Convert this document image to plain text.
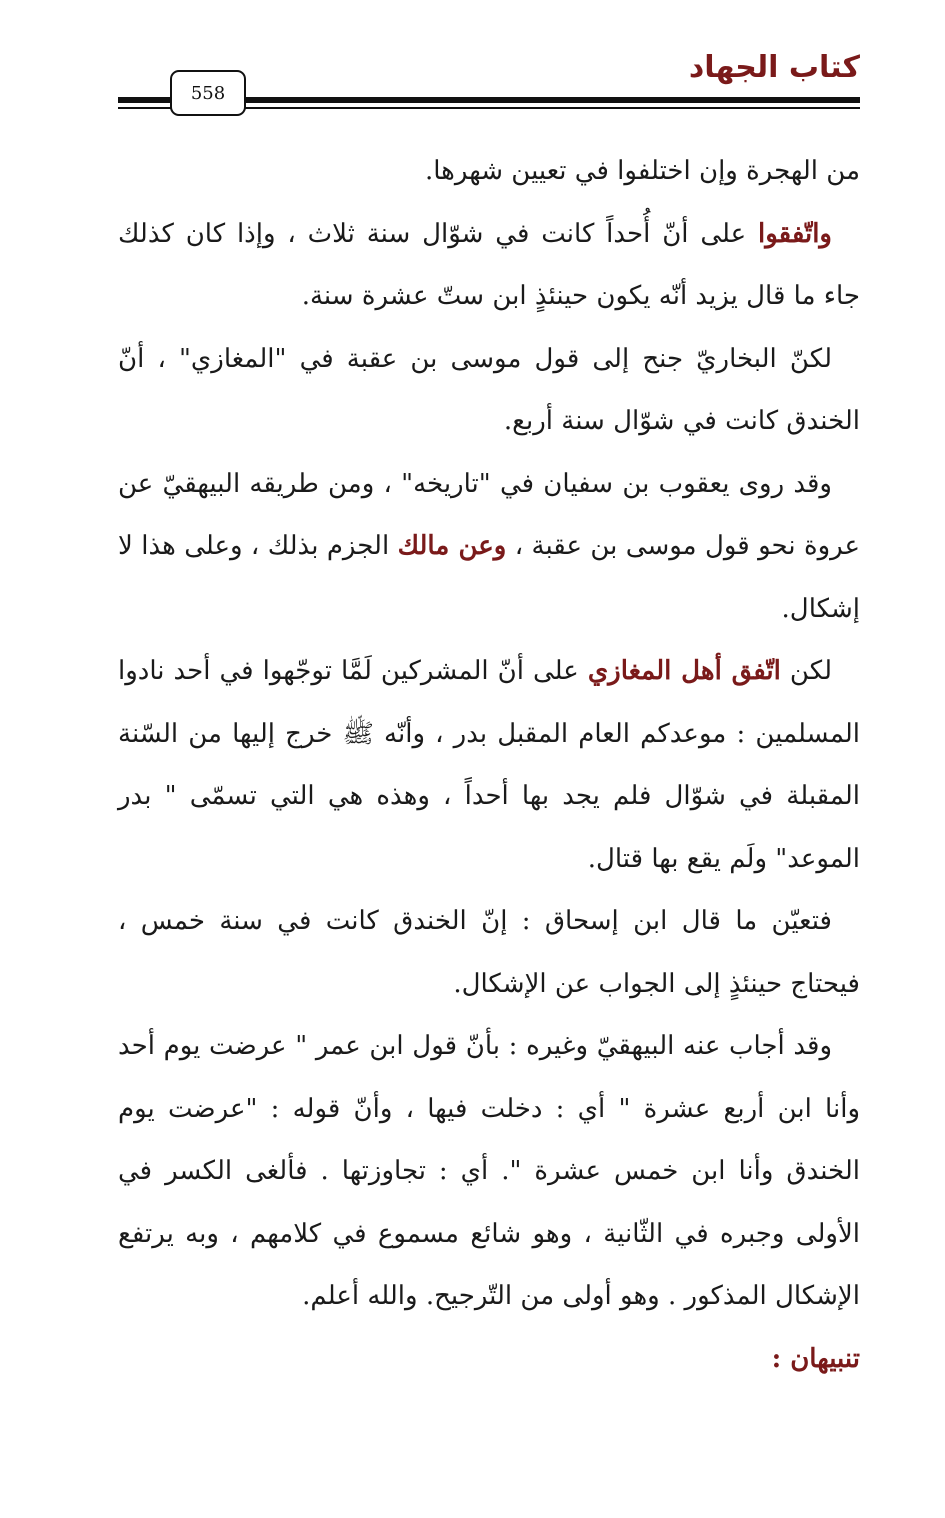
كتاب الجهاد
558

من الهجرة وإن اختلفوا في تعيين شهرها.

واتّفقوا على أنّ أُحداً كانت في شوّال سنة ثلاث ، وإذا كان كذلك جاء ما قال يزيد أنّه يكون حينئذٍ ابن ستّ عشرة سنة.

لكنّ البخاريّ جنح إلى قول موسى بن عقبة في "المغازي" ، أنّ الخندق كانت في شوّال سنة أربع.

وقد روى يعقوب بن سفيان في "تاريخه" ، ومن طريقه البيهقيّ عن عروة نحو قول موسى بن عقبة ، وعن مالك الجزم بذلك ، وعلى هذا لا إشكال.

لكن اتّفق أهل المغازي على أنّ المشركين لَمَّا توجّهوا في أحد نادوا المسلمين : موعدكم العام المقبل بدر ، وأنّه ﷺ خرج إليها من السّنة المقبلة في شوّال فلم يجد بها أحداً ، وهذه هي التي تسمّى " بدر الموعد" ولَم يقع بها قتال.

فتعيّن ما قال ابن إسحاق : إنّ الخندق كانت في سنة خمس ، فيحتاج حينئذٍ إلى الجواب عن الإشكال.

وقد أجاب عنه البيهقيّ وغيره : بأنّ قول ابن عمر " عرضت يوم أحد وأنا ابن أربع عشرة " أي : دخلت فيها ، وأنّ قوله : "عرضت يوم الخندق وأنا ابن خمس عشرة ". أي : تجاوزتها . فألغى الكسر في الأولى وجبره في الثّانية ، وهو شائع مسموع في كلامهم ، وبه يرتفع الإشكال المذكور . وهو أولى من التّرجيح. والله أعلم.

تنبيهان :
